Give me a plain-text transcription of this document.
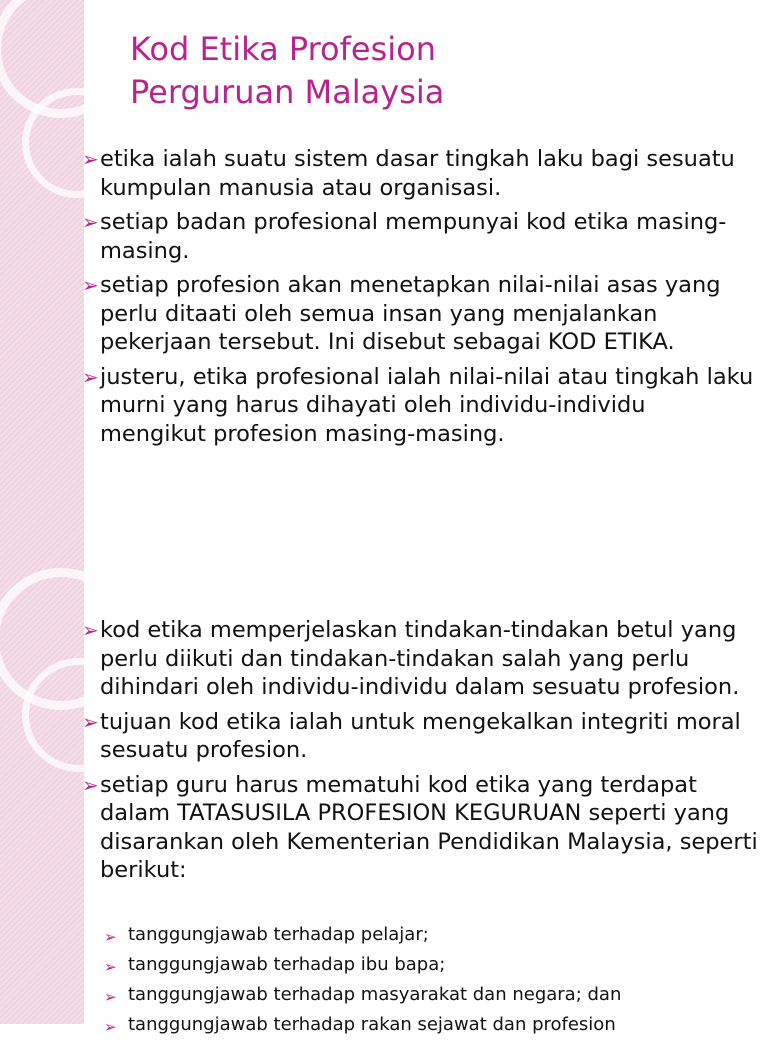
Kod Etika Profesion
Perguruan Malaysia
➢ etika ialah suatu sistem dasar tingkah laku bagi sesuatu kumpulan manusia atau organisasi.
➢ setiap badan profesional mempunyai kod etika masing-masing.
➢ setiap profesion akan menetapkan nilai-nilai asas yang perlu ditaati oleh semua insan yang menjalankan pekerjaan tersebut. Ini disebut sebagai KOD ETIKA.
➢ justeru, etika profesional ialah nilai-nilai atau tingkah laku murni yang harus dihayati oleh individu-individu mengikut profesion masing-masing.
➢ kod etika memperjelaskan tindakan-tindakan betul yang perlu diikuti dan tindakan-tindakan salah yang perlu dihindari oleh individu-individu dalam sesuatu profesion.
➢ tujuan kod etika ialah untuk mengekalkan integriti moral sesuatu profesion.
➢ setiap guru harus mematuhi kod etika yang terdapat dalam TATASUSILA PROFESION KEGURUAN seperti yang disarankan oleh Kementerian Pendidikan Malaysia, seperti berikut:
➢ tanggungjawab terhadap pelajar;
➢ tanggungjawab terhadap ibu bapa;
➢ tanggungjawab terhadap masyarakat dan negara; dan
➢ tanggungjawab terhadap rakan sejawat dan profesion
